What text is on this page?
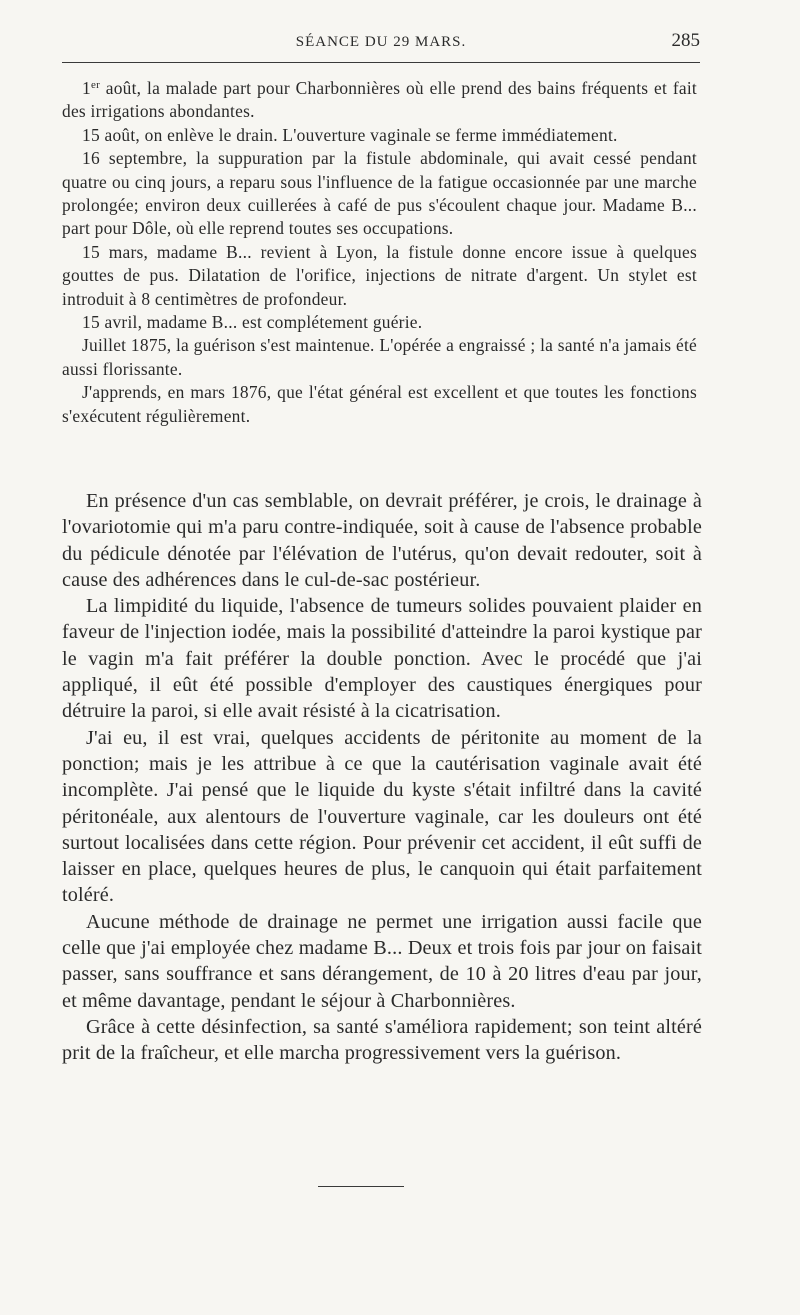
SÉANCE DU 29 MARS.	285

1er août, la malade part pour Charbonnières où elle prend des bains fréquents et fait des irrigations abondantes.

15 août, on enlève le drain. L'ouverture vaginale se ferme immédiatement.

16 septembre, la suppuration par la fistule abdominale, qui avait cessé pendant quatre ou cinq jours, a reparu sous l'influence de la fatigue occasionnée par une marche prolongée; environ deux cuillerées à café de pus s'écoulent chaque jour. Madame B... part pour Dôle, où elle reprend toutes ses occupations.

15 mars, madame B... revient à Lyon, la fistule donne encore issue à quelques gouttes de pus. Dilatation de l'orifice, injections de nitrate d'argent. Un stylet est introduit à 8 centimètres de profondeur.

15 avril, madame B... est complétement guérie.

Juillet 1875, la guérison s'est maintenue. L'opérée a engraissé ; la santé n'a jamais été aussi florissante.

J'apprends, en mars 1876, que l'état général est excellent et que toutes les fonctions s'exécutent régulièrement.

En présence d'un cas semblable, on devrait préférer, je crois, le drainage à l'ovariotomie qui m'a paru contre-indiquée, soit à cause de l'absence probable du pédicule dénotée par l'élévation de l'utérus, qu'on devait redouter, soit à cause des adhérences dans le cul-de-sac postérieur.

La limpidité du liquide, l'absence de tumeurs solides pouvaient plaider en faveur de l'injection iodée, mais la possibilité d'atteindre la paroi kystique par le vagin m'a fait préférer la double ponction. Avec le procédé que j'ai appliqué, il eût été possible d'employer des caustiques énergiques pour détruire la paroi, si elle avait résisté à la cicatrisation.

J'ai eu, il est vrai, quelques accidents de péritonite au moment de la ponction; mais je les attribue à ce que la cautérisation vaginale avait été incomplète. J'ai pensé que le liquide du kyste s'était infiltré dans la cavité péritonéale, aux alentours de l'ouverture vaginale, car les douleurs ont été surtout localisées dans cette région. Pour prévenir cet accident, il eût suffi de laisser en place, quelques heures de plus, le canquoin qui était parfaitement toléré.

Aucune méthode de drainage ne permet une irrigation aussi facile que celle que j'ai employée chez madame B... Deux et trois fois par jour on faisait passer, sans souffrance et sans dérangement, de 10 à 20 litres d'eau par jour, et même davantage, pendant le séjour à Charbonnières.

Grâce à cette désinfection, sa santé s'améliora rapidement; son teint altéré prit de la fraîcheur, et elle marcha progressivement vers la guérison.
